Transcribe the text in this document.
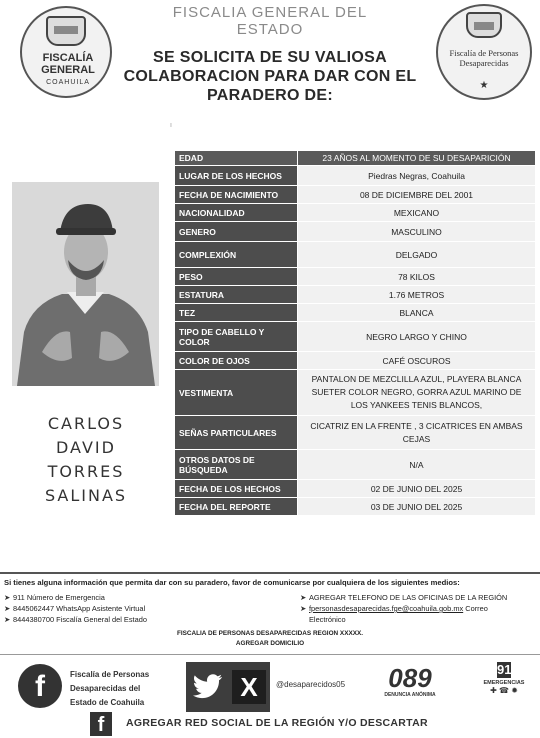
FISCALÍA GENERAL
COAHUILA
FISCALIA GENERAL DEL ESTADO
SE SOLICITA DE SU VALIOSA COLABORACION PARA DAR CON EL PARADERO DE:
ı
Fiscalía de Personas Desaparecidas
★
CARLOS
DAVID
TORRES
SALINAS
EDAD	23 AÑOS AL MOMENTO DE SU DESAPARICIÓN
LUGAR DE LOS HECHOS	Piedras Negras, Coahuila
FECHA DE NACIMIENTO	08 DE DICIEMBRE DEL 2001
NACIONALIDAD	MEXICANO
GENERO	MASCULINO
COMPLEXIÓN	DELGADO
PESO	78 KILOS
ESTATURA	1.76 METROS
TEZ	BLANCA
TIPO DE CABELLO Y COLOR	NEGRO LARGO Y CHINO
COLOR DE OJOS	CAFÉ OSCUROS
VESTIMENTA	PANTALON DE MEZCLILLA AZUL, PLAYERA BLANCA SUETER COLOR NEGRO, GORRA AZUL MARINO DE LOS YANKEES TENIS BLANCOS,
SEÑAS PARTICULARES	CICATRIZ EN LA FRENTE , 3 CICATRICES EN AMBAS CEJAS
OTROS DATOS DE BÚSQUEDA	N/A
FECHA DE LOS HECHOS	02 DE JUNIO DEL 2025
FECHA DEL REPORTE	03 DE JUNIO DEL 2025
Si tienes alguna información que permita dar con su paradero, favor de comunicarse por cualquiera de los siguientes medios:
➤ 911 Número de Emergencia
➤ 8445062447 WhatsApp Asistente Virtual
➤ 8444380700 Fiscalía General del Estado
➤ AGREGAR TELEFONO DE LAS OFICINAS DE LA REGIÓN
➤ fpersonasdesaparecidas.fge@coahuila.gob.mx Correo
Electrónico
FISCALIA DE PERSONAS DESAPARECIDAS REGION XXXXX.
AGREGAR DOMICILIO
f	Fiscalía de Personas
Desaparecidas del
Estado de Coahuila
X	@desaparecidos05 089
DENUNCIA ANÓNIMA
911
EMERGENCIAS
✚ ☎ ✹
f	AGREGAR RED SOCIAL DE LA REGIÓN Y/O DESCARTAR
